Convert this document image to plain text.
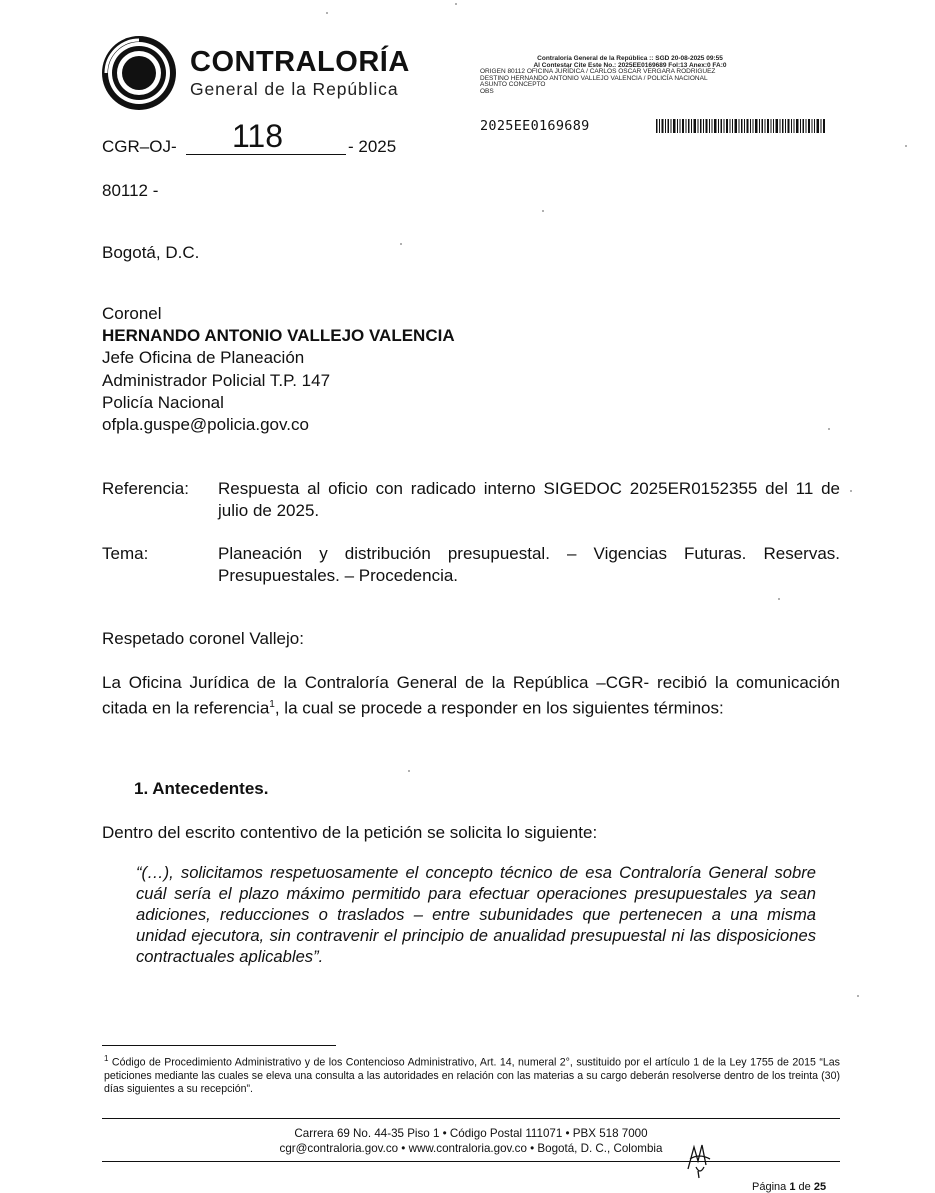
CONTRALORÍA
General de la República
Contraloría General de la República :: SGD 20-08-2025 09:55
Al Contestar Cite Este No.: 2025EE0169689 Fol:13 Anex:0 FA:0
ORIGEN 80112 OFICINA JURÍDICA / CARLOS OSCAR VERGARA RODRIGUEZ
DESTINO HERNANDO ANTONIO VALLEJO VALENCIA / POLICÍA NACIONAL
ASUNTO CONCEPTO
OBS
2025EE0169689
CGR–OJ- 118	- 2025
80112 -
Bogotá, D.C.
Coronel
HERNANDO ANTONIO VALLEJO VALENCIA
Jefe Oficina de Planeación
Administrador Policial T.P. 147
Policía Nacional
ofpla.guspe@policia.gov.co
Referencia: Respuesta al oficio con radicado interno SIGEDOC 2025ER0152355 del 11 de julio de 2025.
Tema:	Planeación y distribución presupuestal. – Vigencias Futuras. Reservas. Presupuestales. – Procedencia.
Respetado coronel Vallejo:
La Oficina Jurídica de la Contraloría General de la República –CGR- recibió la comunicación citada en la referencia$^1$, la cual se procede a responder en los siguientes términos:
1. Antecedentes.
Dentro del escrito contentivo de la petición se solicita lo siguiente:
“(…), solicitamos respetuosamente el concepto técnico de esa Contraloría General sobre cuál sería el plazo máximo permitido para efectuar operaciones presupuestales ya sean adiciones, reducciones o traslados – entre subunidades que pertenecen a una misma unidad ejecutora, sin contravenir el principio de anualidad presupuestal ni las disposiciones contractuales aplicables”.
$^1$ Código de Procedimiento Administrativo y de los Contencioso Administrativo, Art. 14, numeral 2°, sustituido por el artículo 1 de la Ley 1755 de 2015 “Las peticiones mediante las cuales se eleva una consulta a las autoridades en relación con las materias a su cargo deberán resolverse dentro de los treinta (30) días siguientes a su recepción”.
Carrera 69 No. 44-35 Piso 1 • Código Postal 111071 • PBX 518 7000
cgr@contraloria.gov.co • www.contraloria.gov.co • Bogotá, D. C., Colombia
Página 1 de 25
